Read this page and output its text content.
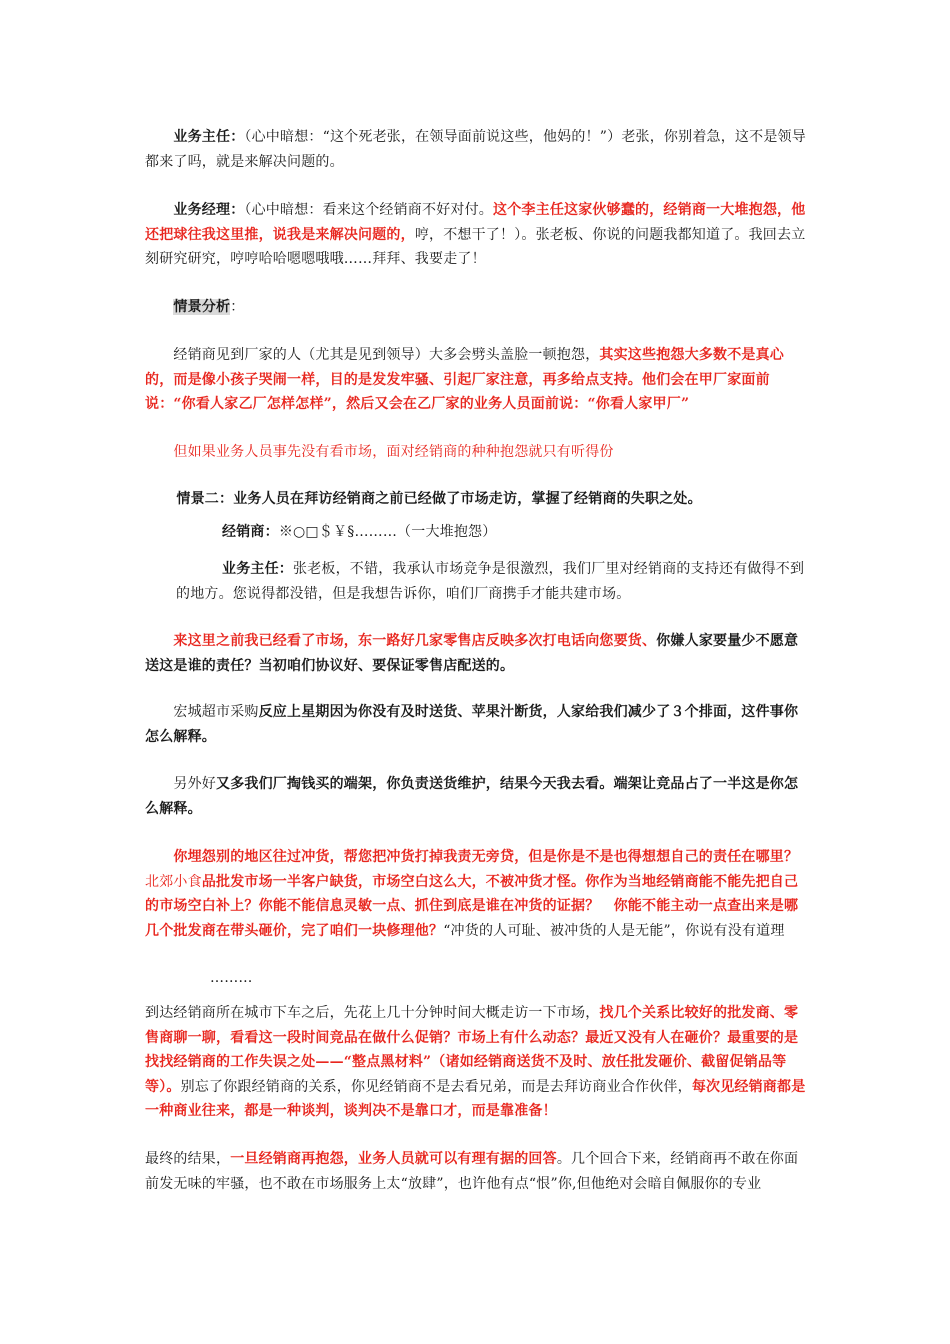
　　业务主任：（心中暗想：“这个死老张，在领导面前说这些，他妈的！”）老张，你别着急，这不是领导都来了吗，就是来解决问题的。
　　业务经理：（心中暗想：看来这个经销商不好对付。这个李主任这家伙够蠢的，经销商一大堆抱怨，他还把球往我这里推，说我是来解决问题的，哼，不想干了！）。张老板、你说的问题我都知道了。我回去立刻研究研究，哼哼哈哈嗯嗯哦哦……拜拜、我要走了！
　　情景分析：
　　经销商见到厂家的人（尤其是见到领导）大多会劈头盖脸一顿抱怨，其实这些抱怨大多数不是真心的，而是像小孩子哭闹一样，目的是发发牢骚、引起厂家注意，再多给点支持。他们会在甲厂家面前说：“你看人家乙厂怎样怎样”，然后又会在乙厂家的业务人员面前说：“你看人家甲厂”
　　但如果业务人员事先没有看市场，面对经销商的种种抱怨就只有听得份
　　情景二：业务人员在拜访经销商之前已经做了市场走访，掌握了经销商的失职之处。
经销商：※○□＄￥§………（一大堆抱怨）
业务主任：张老板，不错，我承认市场竞争是很激烈，我们厂里对经销商的支持还有做得不到的地方。您说得都没错，但是我想告诉你，咱们厂商携手才能共建市场。
　　来这里之前我已经看了市场，东一路好几家零售店反映多次打电话向您要货、你嫌人家要量少不愿意送这是谁的责任？当初咱们协议好、要保证零售店配送的。
　　宏城超市采购反应上星期因为你没有及时送货、苹果汁断货，人家给我们减少了３个排面，这件事你怎么解释。
　　另外好又多我们厂掏钱买的端架，你负责送货维护，结果今天我去看。端架让竞品占了一半这是你怎么解释。
　　你埋怨别的地区往过冲货，帮您把冲货打掉我责无旁贷，但是你是不是也得想想自己的责任在哪里？北郊小食品批发市场一半客户缺货，市场空白这么大，不被冲货才怪。你作为当地经销商能不能先把自己的市场空白补上？你能不能信息灵敏一点、抓住到底是谁在冲货的证据？　你能不能主动一点查出来是哪几个批发商在带头砸价，完了咱们一块修理他？“冲货的人可耻、被冲货的人是无能”，你说有没有道理
………
到达经销商所在城市下车之后，先花上几十分钟时间大概走访一下市场，找几个关系比较好的批发商、零售商聊一聊，看看这一段时间竞品在做什么促销？市场上有什么动态？最近又没有人在砸价？最重要的是找找经销商的工作失误之处——“整点黑材料”（诸如经销商送货不及时、放任批发砸价、截留促销品等等）。别忘了你跟经销商的关系，你见经销商不是去看兄弟，而是去拜访商业合作伙伴，每次见经销商都是一种商业往来，都是一种谈判，谈判决不是靠口才，而是靠准备！
最终的结果，一旦经销商再抱怨，业务人员就可以有理有据的回答。几个回合下来，经销商再不敢在你面前发无味的牢骚，也不敢在市场服务上太“放肆”，也许他有点“恨”你,但他绝对会暗自佩服你的专业
